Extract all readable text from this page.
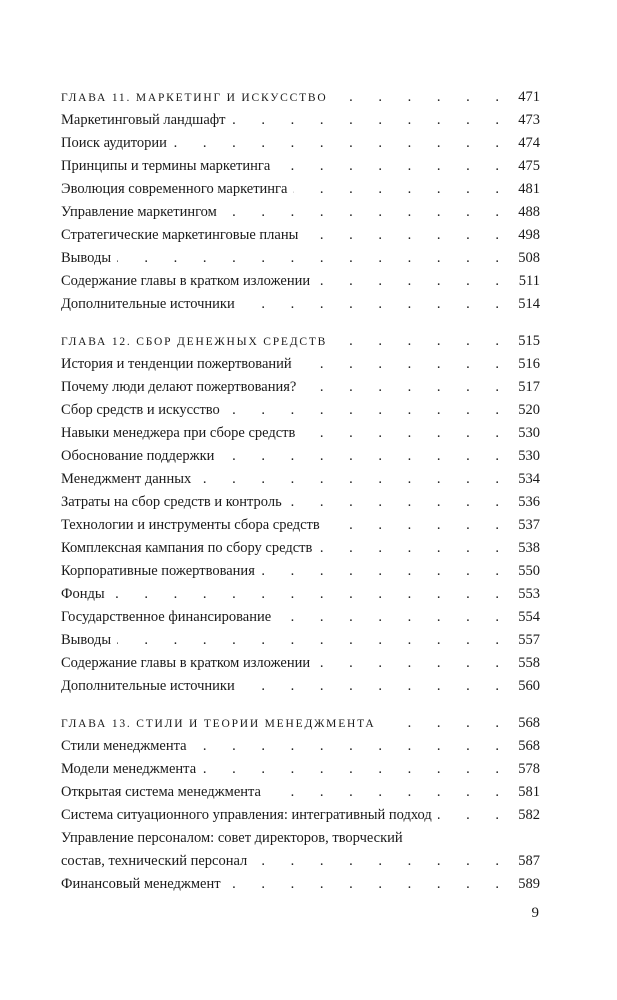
ГЛАВА 11. МАРКЕТИНГ И ИСКУССТВО . . .	471
Маркетинговый ландшафт . . .	473
Поиск аудитории . . .	474
Принципы и термины маркетинга . . .	475
Эволюция современного маркетинга . . .	481
Управление маркетингом . . .	488
Стратегические маркетинговые планы . . .	498
Выводы . . .	508
Содержание главы в кратком изложении . . .	511
Дополнительные источники . . .	514
ГЛАВА 12. СБОР ДЕНЕЖНЫХ СРЕДСТВ . . .	515
История и тенденции пожертвований . . .	516
Почему люди делают пожертвования? . . .	517
Сбор средств и искусство . . .	520
Навыки менеджера при сборе средств . . .	530
Обоснование поддержки . . .	530
Менеджмент данных . . .	534
Затраты на сбор средств и контроль . . .	536
Технологии и инструменты сбора средств . . .	537
Комплексная кампания по сбору средств . . .	538
Корпоративные пожертвования . . .	550
Фонды . . .	553
Государственное финансирование . . .	554
Выводы . . .	557
Содержание главы в кратком изложении . . .	558
Дополнительные источники . . .	560
ГЛАВА 13. СТИЛИ И ТЕОРИИ МЕНЕДЖМЕНТА . . .	568
Стили менеджмента . . .	568
Модели менеджмента . . .	578
Открытая система менеджмента . . .	581
Система ситуационного управления: интегративный подход . . .	582
Управление персоналом: совет директоров, творческий
состав, технический персонал . . .	587
Финансовый менеджмент . . .	589
9
